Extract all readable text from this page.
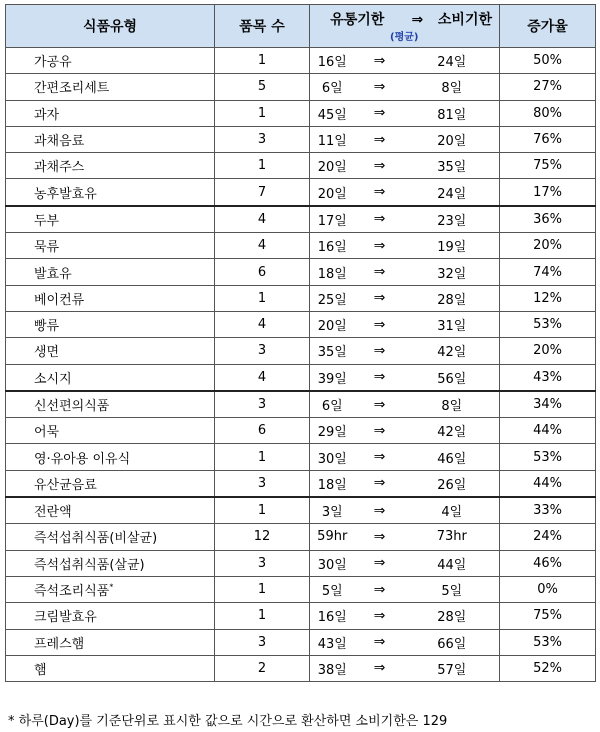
식품유형	품목 수	유통기한		⇒ 소비기한	증가율
가공유	1	16일	⇒	24일	50%
간편조리세트	5	6일	⇒	8일	27%
과자	1	45일	⇒	81일	80%
과채음료	3	11일	⇒	20일	76%
과채주스	1	20일	⇒	35일	75%
농후발효유	7	20일	⇒	24일	17%
두부	4	17일	⇒	23일	36%
묵류	4	16일	⇒	19일	20%
발효유	6	18일	⇒	32일	74%
베이컨류	1	25일	⇒	28일	12%
빵류	4	20일	⇒	31일	53%
생면	3	35일	⇒	42일	20%
소시지	4	39일	⇒	56일	43%
신선편의식품	3	6일	⇒	8일	34%
어묵	6	29일	⇒	42일	44%
영·유아용 이유식	1	30일	⇒	46일	53%
유산균음료	3	18일	⇒	26일	44%
전란액	1	3일	⇒	4일	33%
즉석섭취식품(비살균)	12	59hr	⇒	73hr	24%
즉석섭취식품(살균)	3	30일	⇒	44일	46%
즉석조리식품*	1	5일	⇒	5일	0%
크림발효유	1	16일	⇒	28일	75%
프레스햄	3	43일	⇒	66일	53%
햄	2	38일	⇒	57일	52%
(평균)
* 하루(Day)를 기준단위로 표시한 값으로 시간으로 환산하면 소비기한은 129
